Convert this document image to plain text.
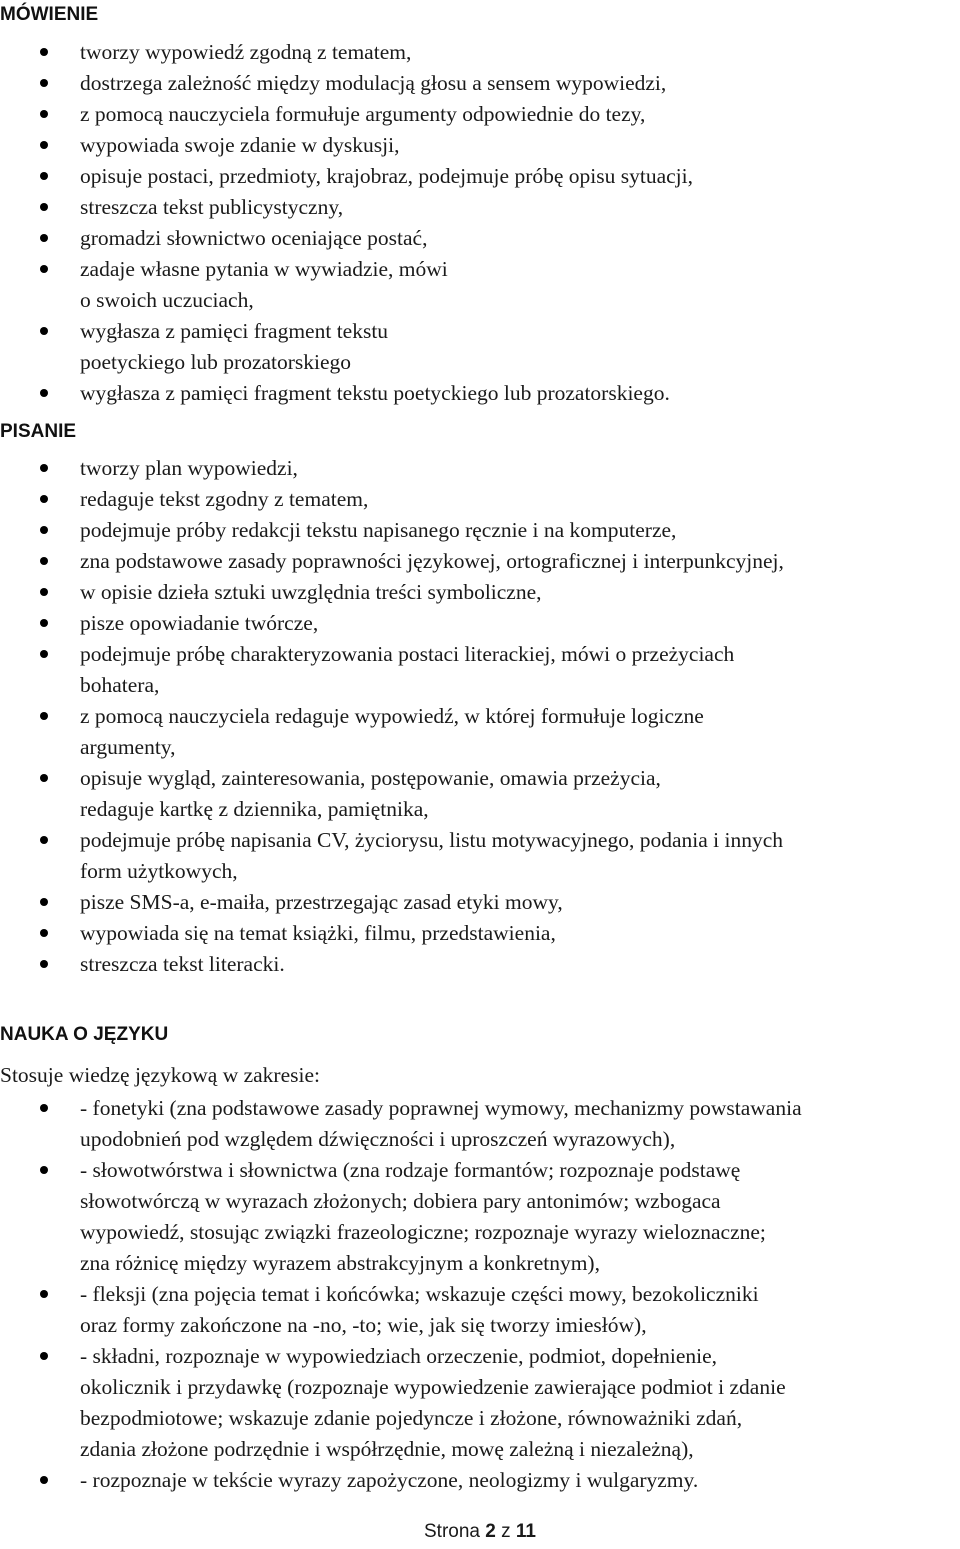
MÓWIENIE
tworzy wypowiedź zgodną z tematem,
dostrzega zależność między modulacją głosu a sensem wypowiedzi,
z pomocą nauczyciela formułuje argumenty odpowiednie do tezy,
wypowiada swoje zdanie w dyskusji,
opisuje postaci, przedmioty, krajobraz, podejmuje próbę opisu sytuacji,
streszcza tekst publicystyczny,
gromadzi słownictwo oceniające postać,
zadaje własne pytania w wywiadzie, mówi
o swoich uczuciach,
wygłasza z pamięci fragment tekstu
poetyckiego lub prozatorskiego
wygłasza z pamięci fragment tekstu poetyckiego lub prozatorskiego.
PISANIE
tworzy plan wypowiedzi,
redaguje tekst zgodny z tematem,
podejmuje próby redakcji tekstu napisanego ręcznie i na komputerze,
zna podstawowe zasady poprawności językowej, ortograficznej i interpunkcyjnej,
w opisie dzieła sztuki uwzględnia treści symboliczne,
pisze opowiadanie twórcze,
podejmuje próbę charakteryzowania postaci literackiej, mówi o przeżyciach
bohatera,
z pomocą nauczyciela redaguje wypowiedź, w której formułuje logiczne
argumenty,
opisuje wygląd, zainteresowania, postępowanie, omawia przeżycia,
redaguje kartkę z dziennika, pamiętnika,
podejmuje próbę napisania CV, życiorysu, listu motywacyjnego, podania i innych
form użytkowych,
pisze SMS-a, e-maiła, przestrzegając zasad etyki mowy,
wypowiada się na temat książki, filmu, przedstawienia,
streszcza tekst literacki.
NAUKA O JĘZYKU

Stosuje wiedzę językową w zakresie:

- fonetyki (zna podstawowe zasady poprawnej wymowy, mechanizmy powstawania
upodobnień pod względem dźwięczności i uproszczeń wyrazowych),
- słowotwórstwa i słownictwa (zna rodzaje formantów; rozpoznaje podstawę
słowotwórczą w wyrazach złożonych; dobiera pary antonimów; wzbogaca
wypowiedź, stosując związki frazeologiczne; rozpoznaje wyrazy wieloznaczne;
zna różnicę między wyrazem abstrakcyjnym a konkretnym),
- fleksji (zna pojęcia temat i końcówka; wskazuje części mowy, bezokoliczniki
oraz formy zakończone na -no, -to; wie, jak się tworzy imiesłów),
- składni, rozpoznaje w wypowiedziach orzeczenie, podmiot, dopełnienie,
okolicznik i przydawkę (rozpoznaje wypowiedzenie zawierające podmiot i zdanie
bezpodmiotowe; wskazuje zdanie pojedyncze i złożone, równoważniki zdań,
zdania złożone podrzędnie i współrzędnie, mowę zależną i niezależną),
- rozpoznaje w tekście wyrazy zapożyczone, neologizmy i wulgaryzmy.
Strona 2 z 11
